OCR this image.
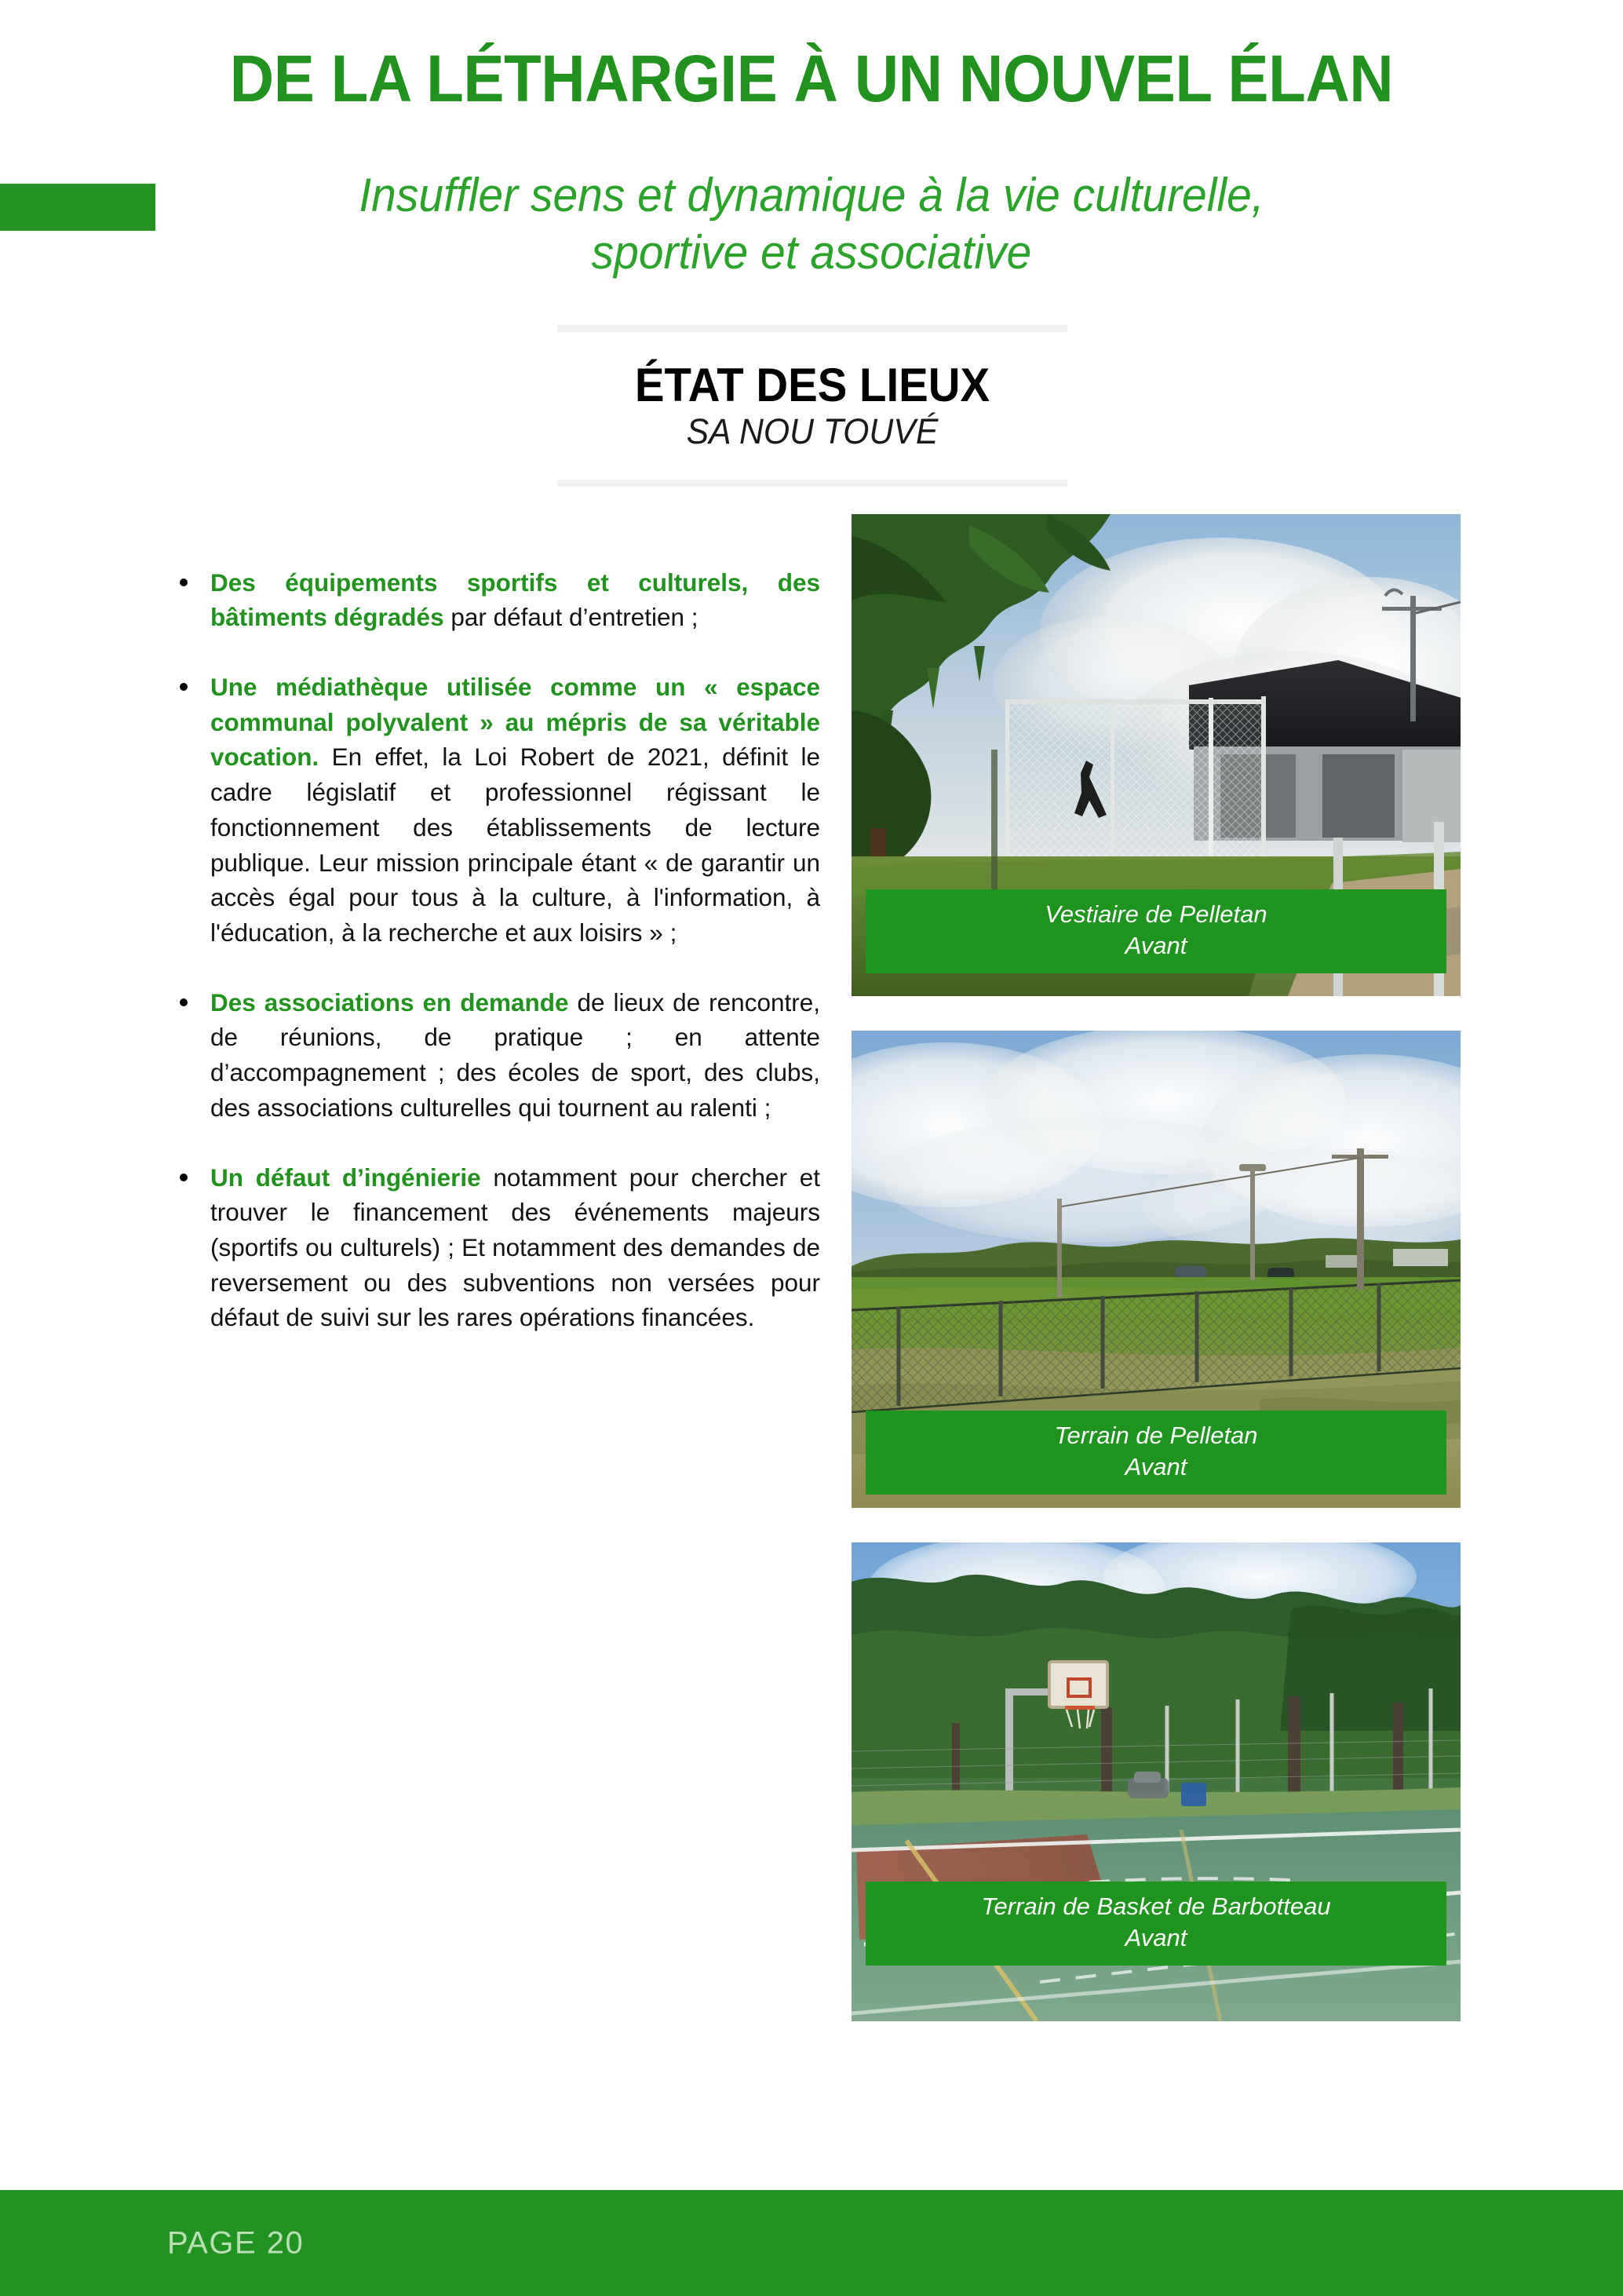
DE LA LÉTHARGIE À UN NOUVEL ÉLAN
Insuffler sens et dynamique à la vie culturelle,
sportive et associative
ÉTAT DES LIEUX
SA NOU TOUVÉ

Des équipements sportifs et culturels, des bâtiments dégradés par défaut d’entretien ;

Une médiathèque utilisée comme un « espace communal polyvalent » au mépris de sa véritable vocation. En effet, la Loi Robert de 2021, définit le cadre législatif et professionnel régissant le fonctionnement des établissements de lecture publique. Leur mission principale étant « de garantir un accès égal pour tous à la culture, à l'information, à l'éducation, à la recherche et aux loisirs » ;

Des associations en demande de lieux de rencontre, de réunions, de pratique ; en attente d’accompagnement ; des écoles de sport, des clubs, des associations culturelles qui tournent au ralenti ;

Un défaut d’ingénierie notamment pour chercher et trouver le financement des événements majeurs (sportifs ou culturels) ; Et notamment des demandes de reversement ou des subventions non versées pour défaut de suivi sur les rares opérations financées.

Vestiaire de Pelletan
Avant
Terrain de Pelletan
Avant
Terrain de Basket de Barbotteau
Avant
PAGE 20
